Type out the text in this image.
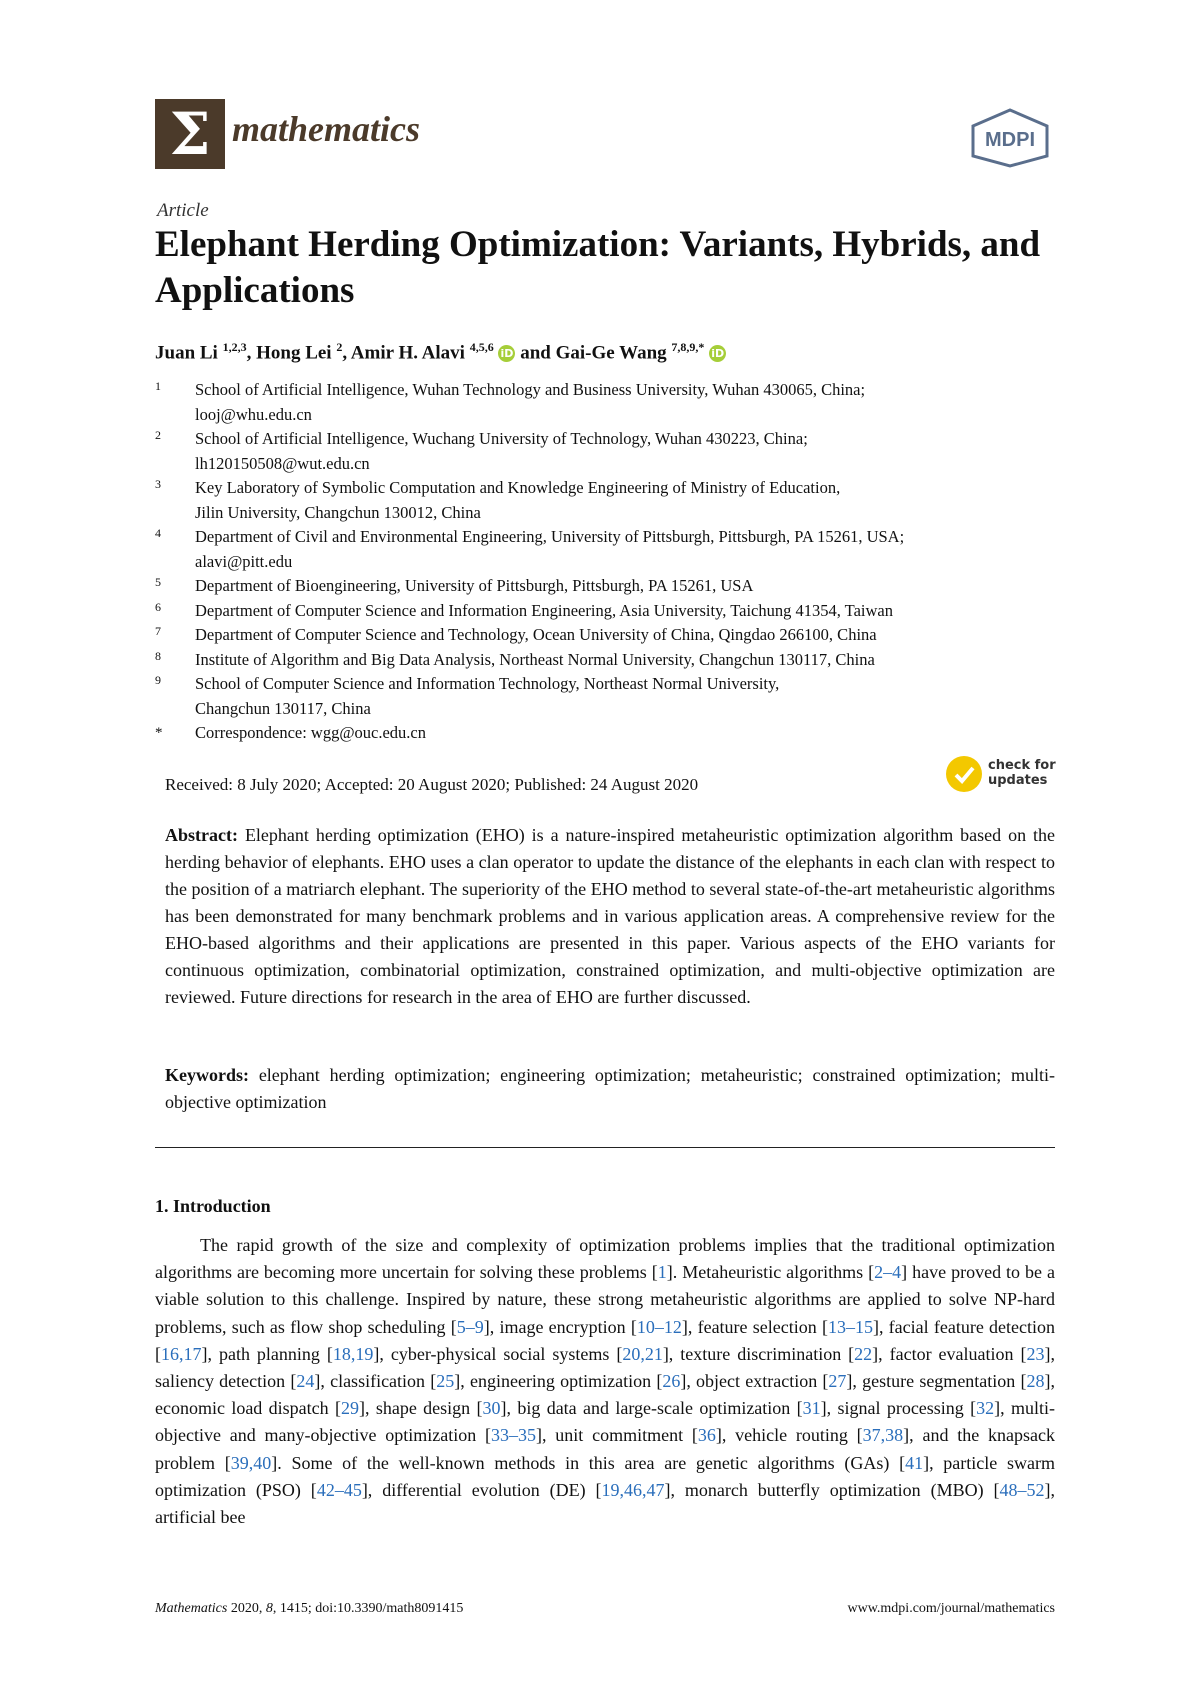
Σ mathematics	MDPI
Article
Elephant Herding Optimization: Variants, Hybrids, and Applications
Juan Li $^{1,2,3}$, Hong Lei $^2$, Amir H. Alavi $^{4,5,6}$ iD and Gai-Ge Wang $^{7,8,9,*}$ iD
1	School of Artificial Intelligence, Wuhan Technology and Business University, Wuhan 430065, China;
looj@whu.edu.cn
2	School of Artificial Intelligence, Wuchang University of Technology, Wuhan 430223, China;
lh120150508@wut.edu.cn
3	Key Laboratory of Symbolic Computation and Knowledge Engineering of Ministry of Education,
Jilin University, Changchun 130012, China
4	Department of Civil and Environmental Engineering, University of Pittsburgh, Pittsburgh, PA 15261, USA;
alavi@pitt.edu
5	Department of Bioengineering, University of Pittsburgh, Pittsburgh, PA 15261, USA
6	Department of Computer Science and Information Engineering, Asia University, Taichung 41354, Taiwan
7	Department of Computer Science and Technology, Ocean University of China, Qingdao 266100, China
8	Institute of Algorithm and Big Data Analysis, Northeast Normal University, Changchun 130117, China
9	School of Computer Science and Information Technology, Northeast Normal University,
Changchun 130117, China
*	Correspondence: wgg@ouc.edu.cn
Received: 8 July 2020; Accepted: 20 August 2020; Published: 24 August 2020
check for
updates
Abstract: Elephant herding optimization (EHO) is a nature-inspired metaheuristic optimization algorithm based on the herding behavior of elephants. EHO uses a clan operator to update the distance of the elephants in each clan with respect to the position of a matriarch elephant. The superiority of the EHO method to several state-of-the-art metaheuristic algorithms has been demonstrated for many benchmark problems and in various application areas. A comprehensive review for the EHO-based algorithms and their applications are presented in this paper. Various aspects of the EHO variants for continuous optimization, combinatorial optimization, constrained optimization, and multi-objective optimization are reviewed. Future directions for research in the area of EHO are further discussed.
Keywords: elephant herding optimization; engineering optimization; metaheuristic; constrained optimization; multi-objective optimization
1. Introduction
The rapid growth of the size and complexity of optimization problems implies that the traditional optimization algorithms are becoming more uncertain for solving these problems [1]. Metaheuristic algorithms [2–4] have proved to be a viable solution to this challenge. Inspired by nature, these strong metaheuristic algorithms are applied to solve NP-hard problems, such as flow shop scheduling [5–9], image encryption [10–12], feature selection [13–15], facial feature detection [16,17], path planning [18,19], cyber-physical social systems [20,21], texture discrimination [22], factor evaluation [23], saliency detection [24], classification [25], engineering optimization [26], object extraction [27], gesture segmentation [28], economic load dispatch [29], shape design [30], big data and large-scale optimization [31], signal processing [32], multi-objective and many-objective optimization [33–35], unit commitment [36], vehicle routing [37,38], and the knapsack problem [39,40]. Some of the well-known methods in this area are genetic algorithms (GAs) [41], particle swarm optimization (PSO) [42–45], differential evolution (DE) [19,46,47], monarch butterfly optimization (MBO) [48–52], artificial bee
Mathematics 2020, 8, 1415; doi:10.3390/math8091415	www.mdpi.com/journal/mathematics
